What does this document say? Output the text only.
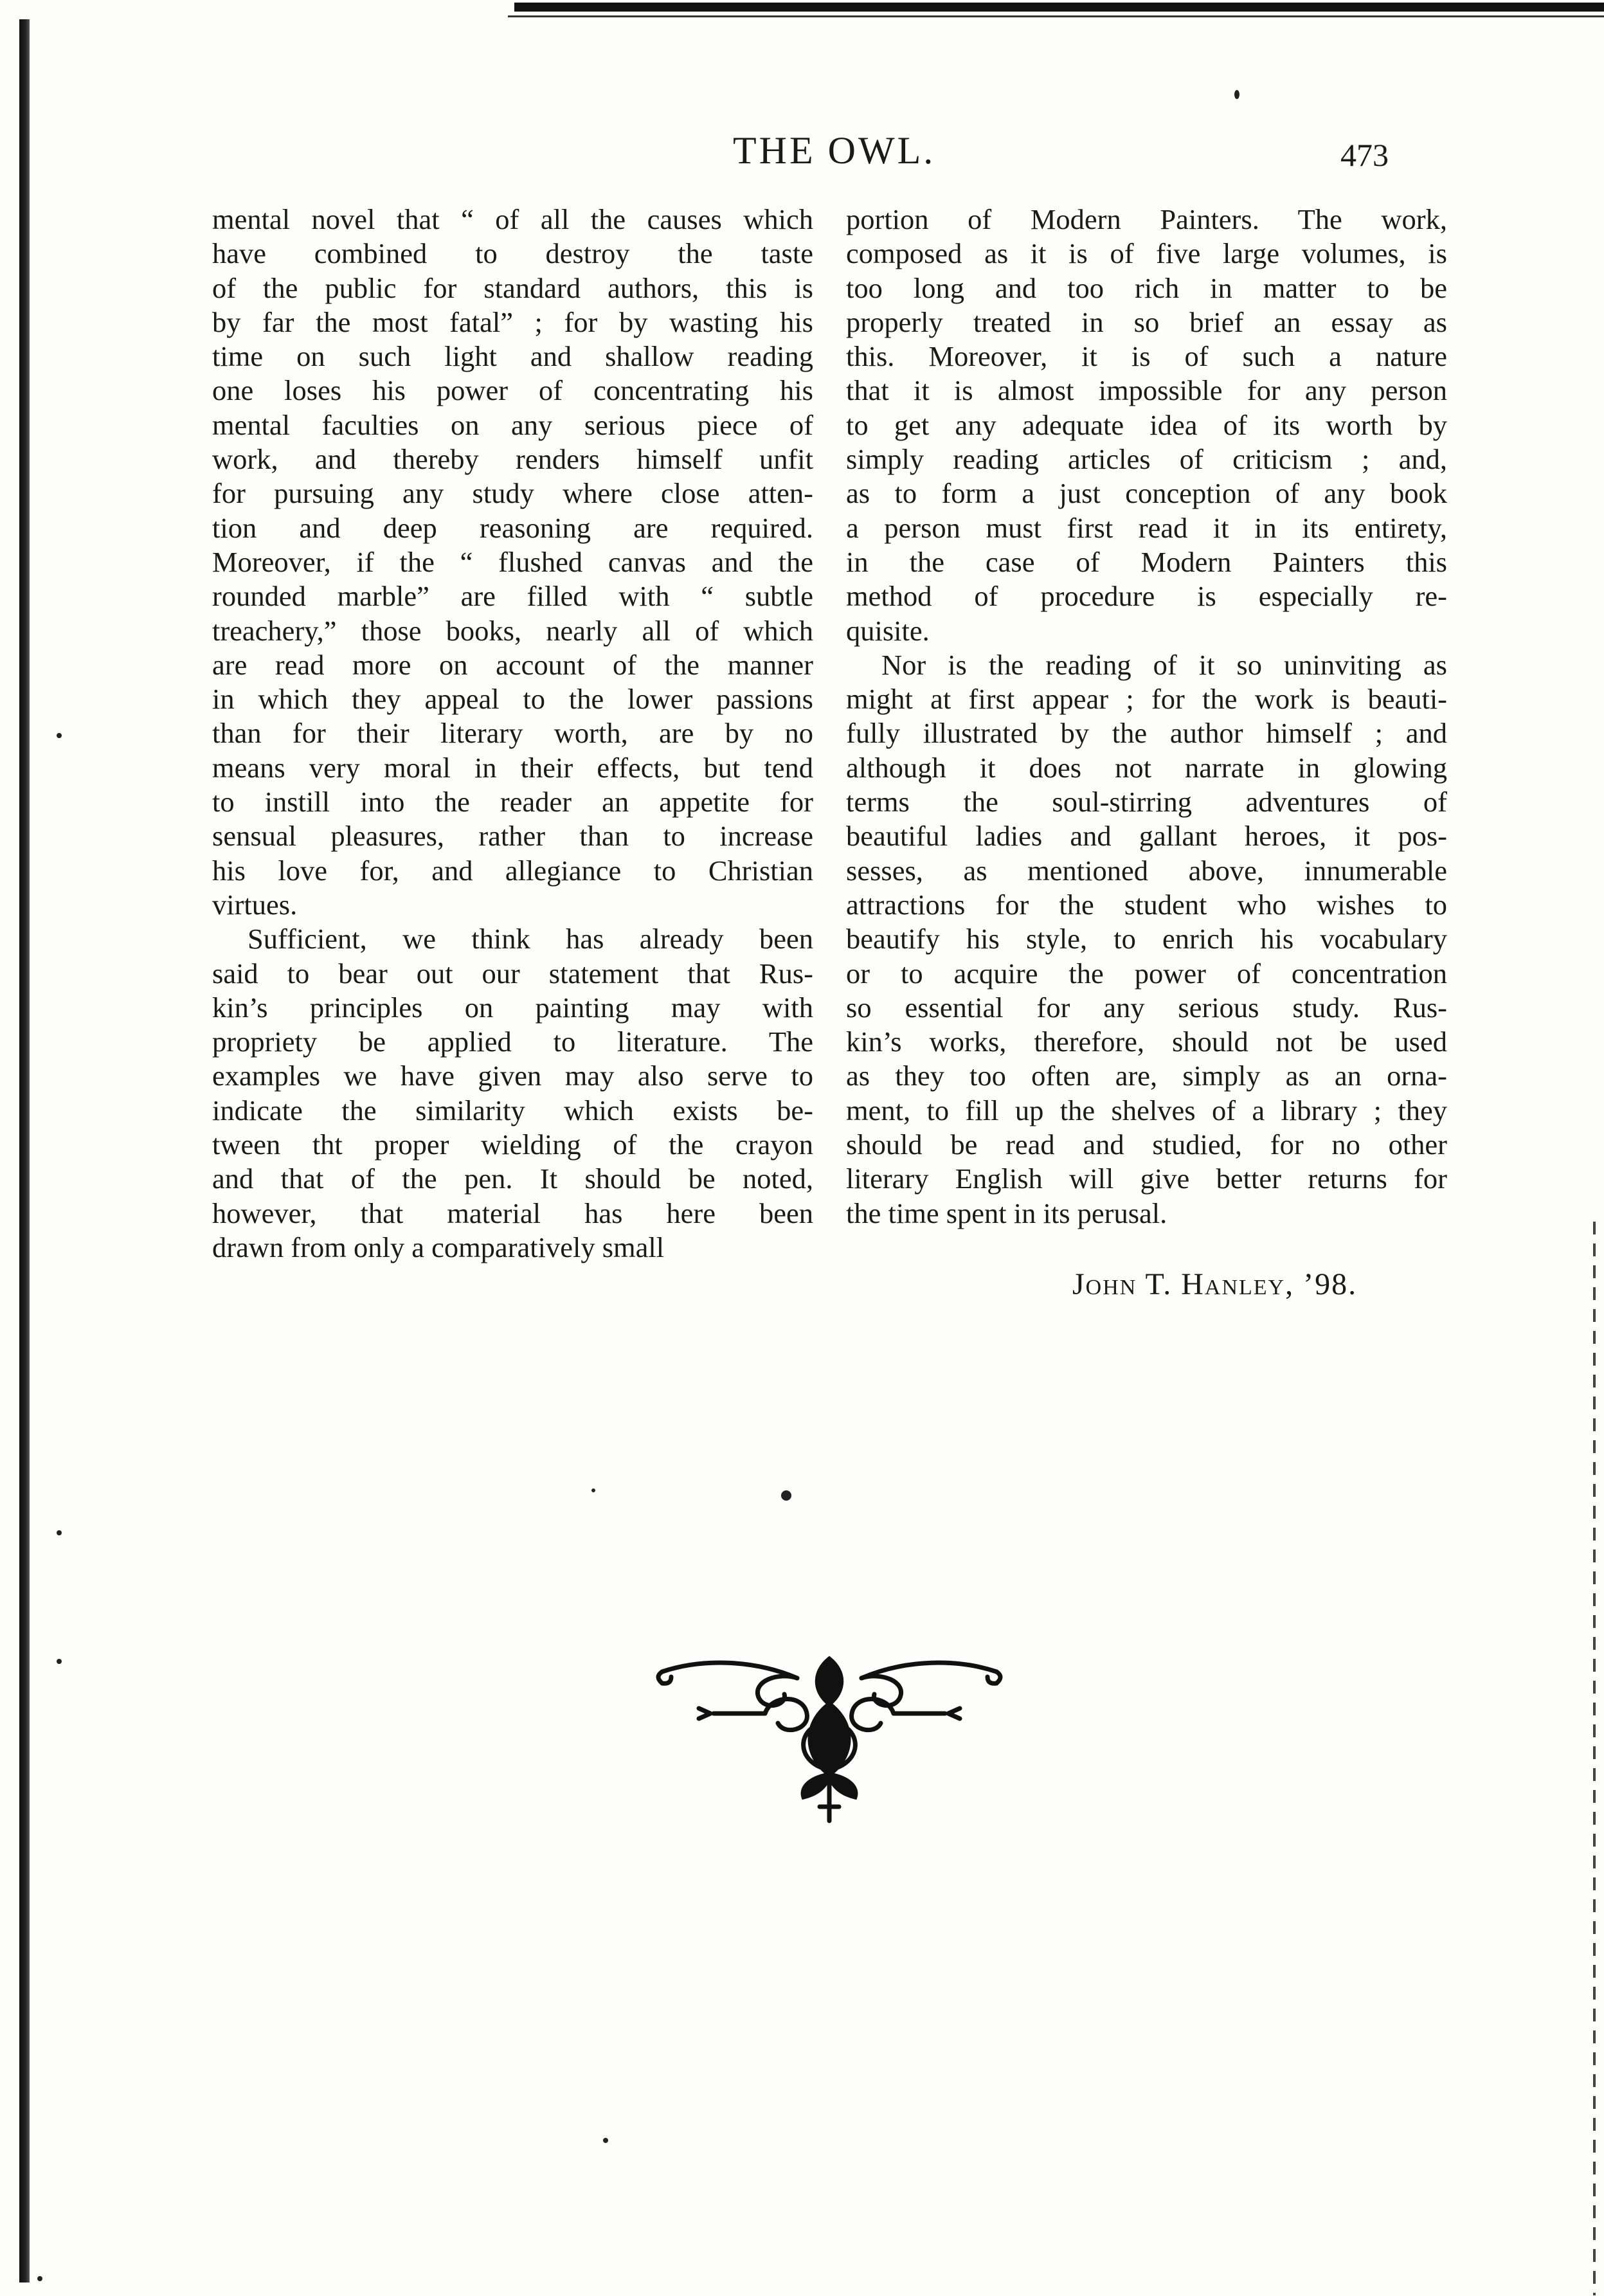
THE OWL.	473
mental novel that “ of all the causes which
have combined to destroy the taste
of the public for standard authors, this is
by far the most fatal” ; for by wasting his
time on such light and shallow reading
one loses his power of concentrating his
mental faculties on any serious piece of
work, and thereby renders himself unfit
for pursuing any study where close atten-
tion and deep reasoning are required.
Moreover, if the “ flushed canvas and the
rounded marble” are filled with “ subtle
treachery,” those books, nearly all of which
are read more on account of the manner
in which they appeal to the lower passions
than for their literary worth, are by no
means very moral in their effects, but tend
to instill into the reader an appetite for
sensual pleasures, rather than to increase
his love for, and allegiance to Christian
virtues.
Sufficient, we think has already been
said to bear out our statement that Rus-
kin’s principles on painting may with
propriety be applied to literature. The
examples we have given may also serve to
indicate the similarity which exists be-
tween tht proper wielding of the crayon
and that of the pen. It should be noted,
however, that material has here been
drawn from only a comparatively small
portion of Modern Painters. The work,
composed as it is of five large volumes, is
too long and too rich in matter to be
properly treated in so brief an essay as
this. Moreover, it is of such a nature
that it is almost impossible for any person
to get any adequate idea of its worth by
simply reading articles of criticism ; and,
as to form a just conception of any book
a person must first read it in its entirety,
in the case of Modern Painters this
method of procedure is especially re-
quisite.
Nor is the reading of it so uninviting as
might at first appear ; for the work is beauti-
fully illustrated by the author himself ; and
although it does not narrate in glowing
terms the soul-stirring adventures of
beautiful ladies and gallant heroes, it pos-
sesses, as mentioned above, innumerable
attractions for the student who wishes to
beautify his style, to enrich his vocabulary
or to acquire the power of concentration
so essential for any serious study. Rus-
kin’s works, therefore, should not be used
as they too often are, simply as an orna-
ment, to fill up the shelves of a library ; they
should be read and studied, for no other
literary English will give better returns for
the time spent in its perusal.
John T. Hanley, ’98.
